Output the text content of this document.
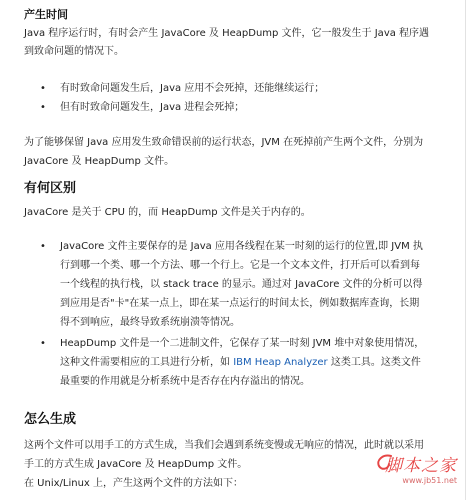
产生时间

Java 程序运行时，有时会产生 JavaCore 及 HeapDump 文件，它一般发生于 Java 程序遇

到致命问题的情况下。

• 有时致命问题发生后，Java 应用不会死掉，还能继续运行；
• 但有时致命问题发生，Java 进程会死掉；

为了能够保留 Java 应用发生致命错误前的运行状态，JVM 在死掉前产生两个文件，分别为

JavaCore 及 HeapDump 文件。

有何区别

JavaCore 是关于 CPU 的，而 HeapDump 文件是关于内存的。

• JavaCore 文件主要保存的是 Java 应用各线程在某一时刻的运行的位置,即 JVM 执
行到哪一个类、哪一个方法、哪一个行上。它是一个文本文件，打开后可以看到每
一个线程的执行栈，以 stack trace 的显示。通过对 JavaCore 文件的分析可以得
到应用是否"卡"在某一点上，即在某一点运行的时间太长，例如数据库查询，长期
得不到响应，最终导致系统崩溃等情况。
• HeapDump 文件是一个二进制文件，它保存了某一时刻 JVM 堆中对象使用情况，
这种文件需要相应的工具进行分析，如 IBM Heap Analyzer 这类工具。这类文件
最重要的作用就是分析系统中是否存在内存溢出的情况。
怎么生成

这两个文件可以用手工的方式生成，当我们会遇到系统变慢或无响应的情况，此时就以采用

手工的方式生成 JavaCore 及 HeapDump 文件。

在 Unix/Linux 上，产生这两个文件的方法如下：

脚本之家
www.jb51.net
